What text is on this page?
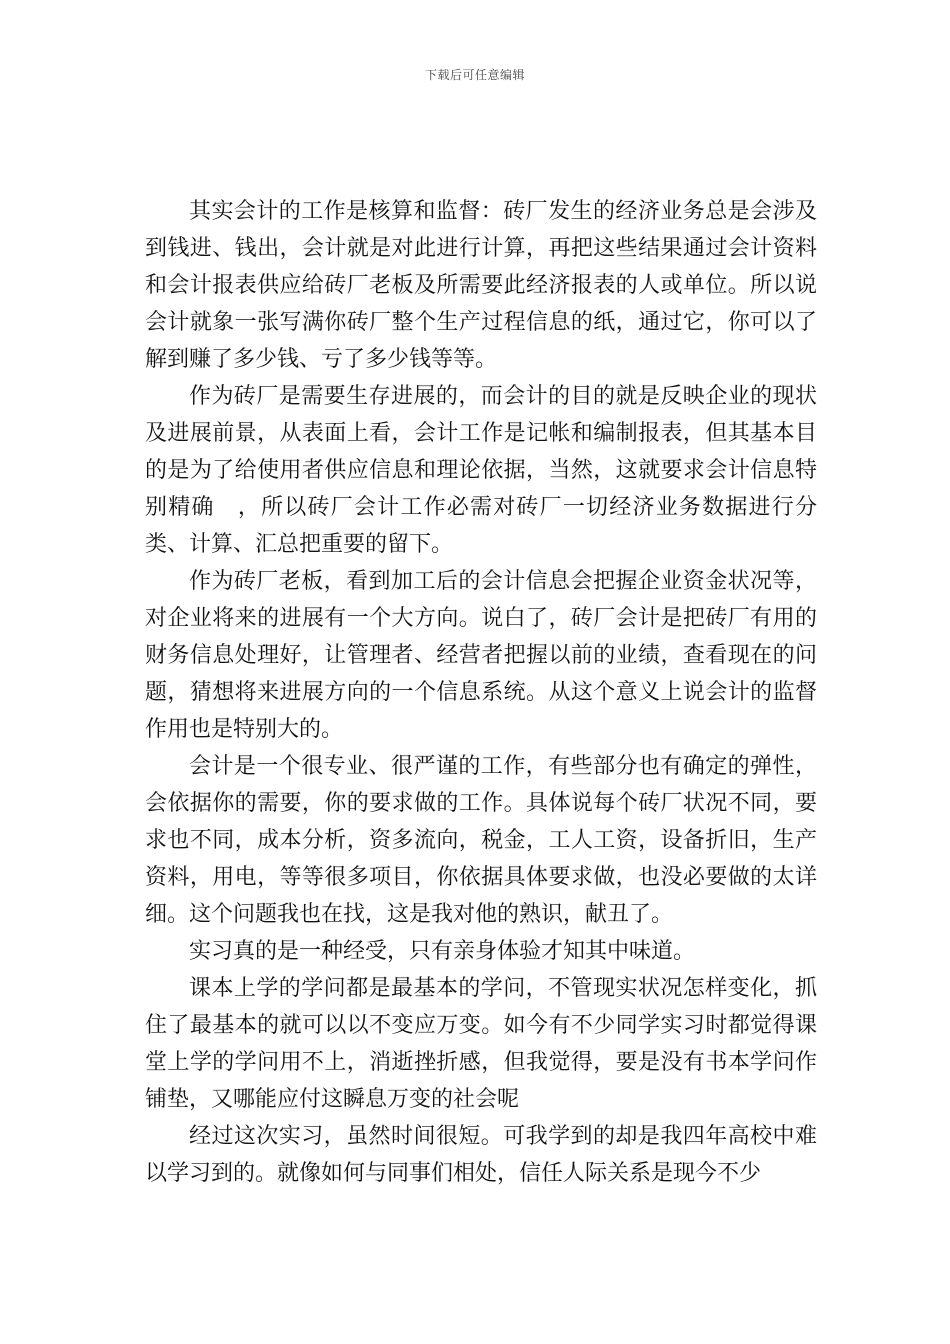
下载后可任意编辑

其实会计的工作是核算和监督：砖厂发生的经济业务总是会涉及到钱进、钱出，会计就是对此进行计算，再把这些结果通过会计资料和会计报表供应给砖厂老板及所需要此经济报表的人或单位。所以说会计就象一张写满你砖厂整个生产过程信息的纸，通过它，你可以了解到赚了多少钱、亏了多少钱等等。

作为砖厂是需要生存进展的，而会计的目的就是反映企业的现状及进展前景，从表面上看，会计工作是记帐和编制报表，但其基本目的是为了给使用者供应信息和理论依据，当然，这就要求会计信息特别精确　，所以砖厂会计工作必需对砖厂一切经济业务数据进行分类、计算、汇总把重要的留下。

作为砖厂老板，看到加工后的会计信息会把握企业资金状况等，对企业将来的进展有一个大方向。说白了，砖厂会计是把砖厂有用的财务信息处理好，让管理者、经营者把握以前的业绩，查看现在的问题，猜想将来进展方向的一个信息系统。从这个意义上说会计的监督作用也是特别大的。

会计是一个很专业、很严谨的工作，有些部分也有确定的弹性，会依据你的需要，你的要求做的工作。具体说每个砖厂状况不同，要求也不同，成本分析，资多流向，税金，工人工资，设备折旧，生产资料，用电，等等很多项目，你依据具体要求做，也没必要做的太详细。这个问题我也在找，这是我对他的熟识，献丑了。

实习真的是一种经受，只有亲身体验才知其中味道。

课本上学的学问都是最基本的学问，不管现实状况怎样变化，抓住了最基本的就可以以不变应万变。如今有不少同学实习时都觉得课堂上学的学问用不上，消逝挫折感，但我觉得，要是没有书本学问作铺垫，又哪能应付这瞬息万变的社会呢

经过这次实习，虽然时间很短。可我学到的却是我四年高校中难以学习到的。就像如何与同事们相处，信任人际关系是现今不少
